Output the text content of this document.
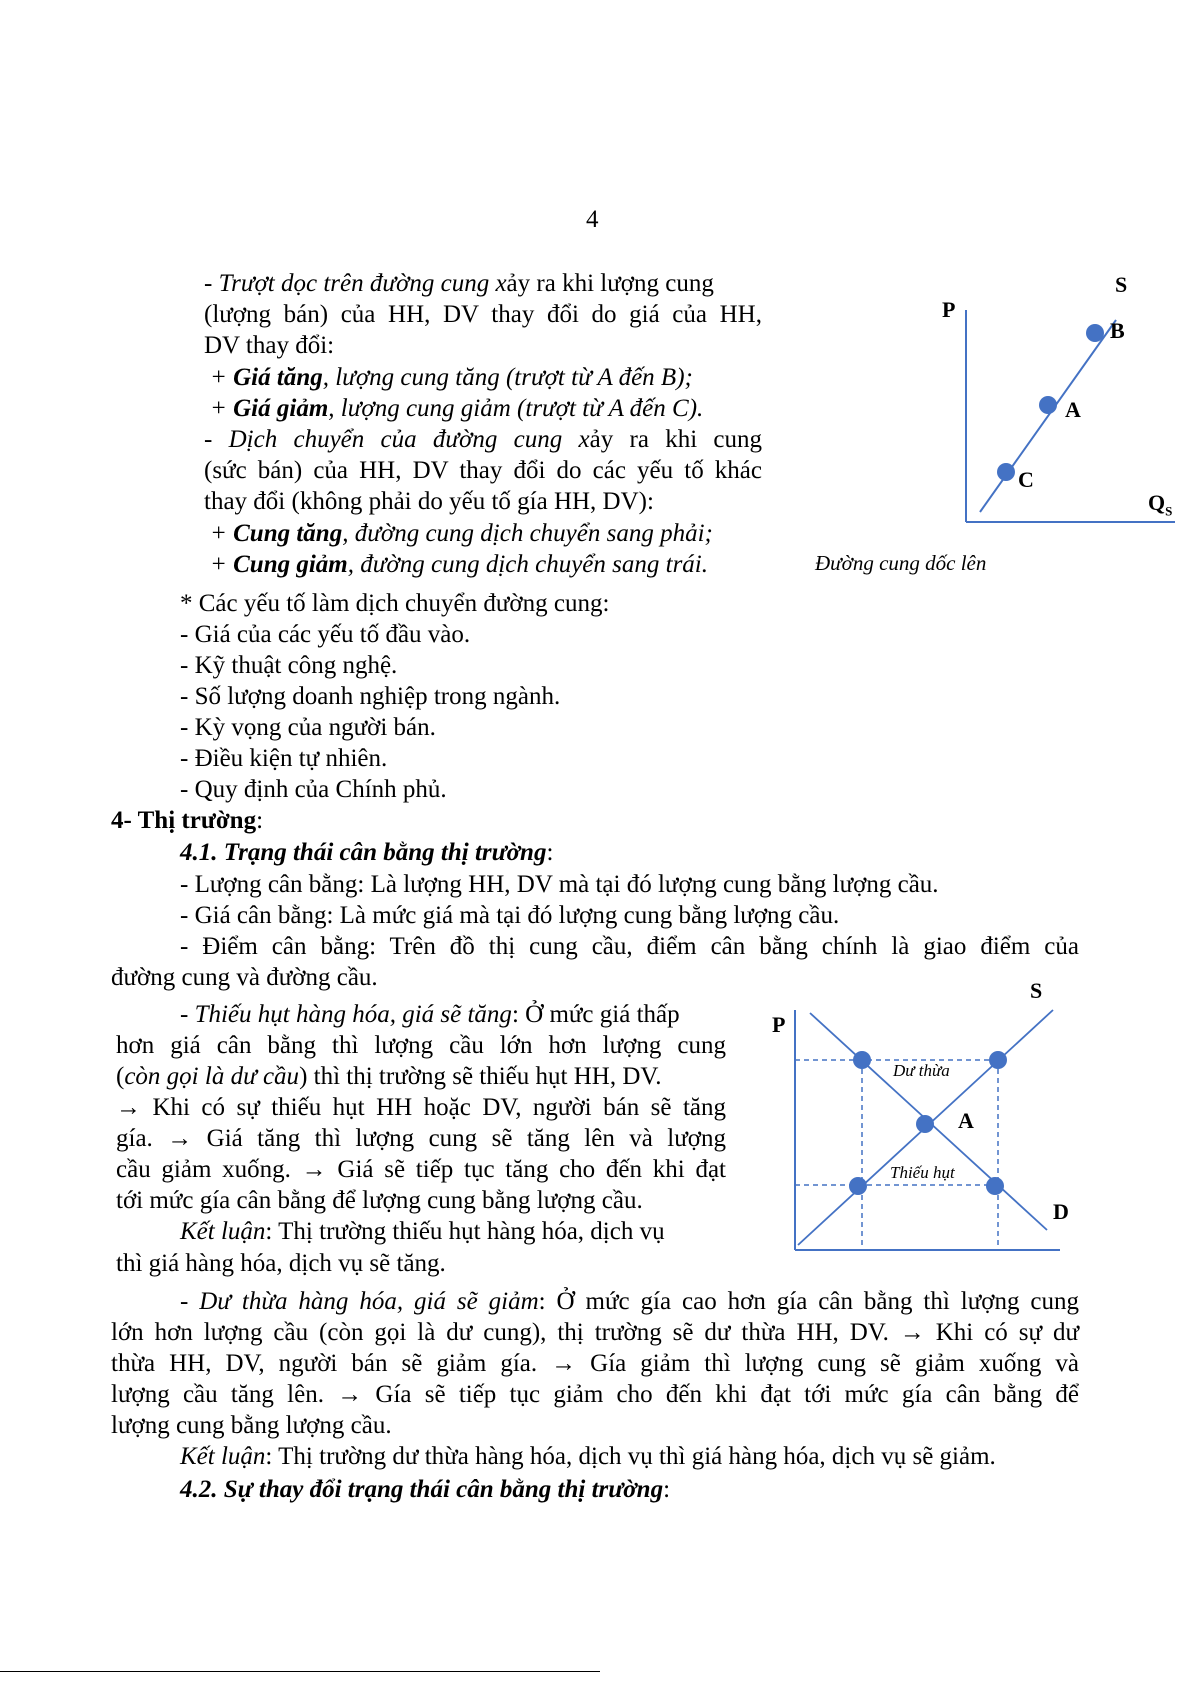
4
- Trượt dọc trên đường cung xảy ra khi lượng cung
(lượng bán) của HH, DV thay đổi do giá của HH,
DV thay đổi:
+ Giá tăng, lượng cung tăng (trượt từ A đến B);
+ Giá giảm, lượng cung giảm (trượt từ A đến C).
- Dịch chuyển của đường cung xảy ra khi cung
(sức bán) của HH, DV thay đổi do các yếu tố khác
thay đổi (không phải do yếu tố gía HH, DV):
+ Cung tăng, đường cung dịch chuyển sang phải;
+ Cung giảm, đường cung dịch chuyển sang trái.
P
S
B
A
C
$Q_S$
Đường cung dốc lên
* Các yếu tố làm dịch chuyển đường cung:
- Giá của các yếu tố đầu vào.
- Kỹ thuật công nghệ.
- Số lượng doanh nghiệp trong ngành.
- Kỳ vọng của người bán.
- Điều kiện tự nhiên.
- Quy định của Chính phủ.
4- Thị trường:
4.1. Trạng thái cân bằng thị trường:
- Lượng cân bằng: Là lượng HH, DV mà tại đó lượng cung bằng lượng cầu.
- Giá cân bằng: Là mức giá mà tại đó lượng cung bằng lượng cầu.
- Điểm cân bằng: Trên đồ thị cung cầu, điểm cân bằng chính là giao điểm của
đường cung và đường cầu.
- Thiếu hụt hàng hóa, giá sẽ tăng: Ở mức giá thấp
hơn giá cân bằng thì lượng cầu lớn hơn lượng cung
(còn gọi là dư cầu) thì thị trường sẽ thiếu hụt HH, DV.
→ Khi có sự thiếu hụt HH hoặc DV, người bán sẽ tăng
gía. → Giá tăng thì lượng cung sẽ tăng lên và lượng
cầu giảm xuống. → Giá sẽ tiếp tục tăng cho đến khi đạt
tới mức gía cân bằng để lượng cung bằng lượng cầu.
Kết luận: Thị trường thiếu hụt hàng hóa, dịch vụ
thì giá hàng hóa, dịch vụ sẽ tăng.
P
S
A
D
Dư thừa
Thiếu hụt
- Dư thừa hàng hóa, giá sẽ giảm: Ở mức gía cao hơn gía cân bằng thì lượng cung
lớn hơn lượng cầu (còn gọi là dư cung), thị trường sẽ dư thừa HH, DV. → Khi có sự dư
thừa HH, DV, người bán sẽ giảm gía. → Gía giảm thì lượng cung sẽ giảm xuống và
lượng cầu tăng lên. → Gía sẽ tiếp tục giảm cho đến khi đạt tới mức gía cân bằng để
lượng cung bằng lượng cầu.
Kết luận: Thị trường dư thừa hàng hóa, dịch vụ thì giá hàng hóa, dịch vụ sẽ giảm.
4.2. Sự thay đổi trạng thái cân bằng thị trường:
